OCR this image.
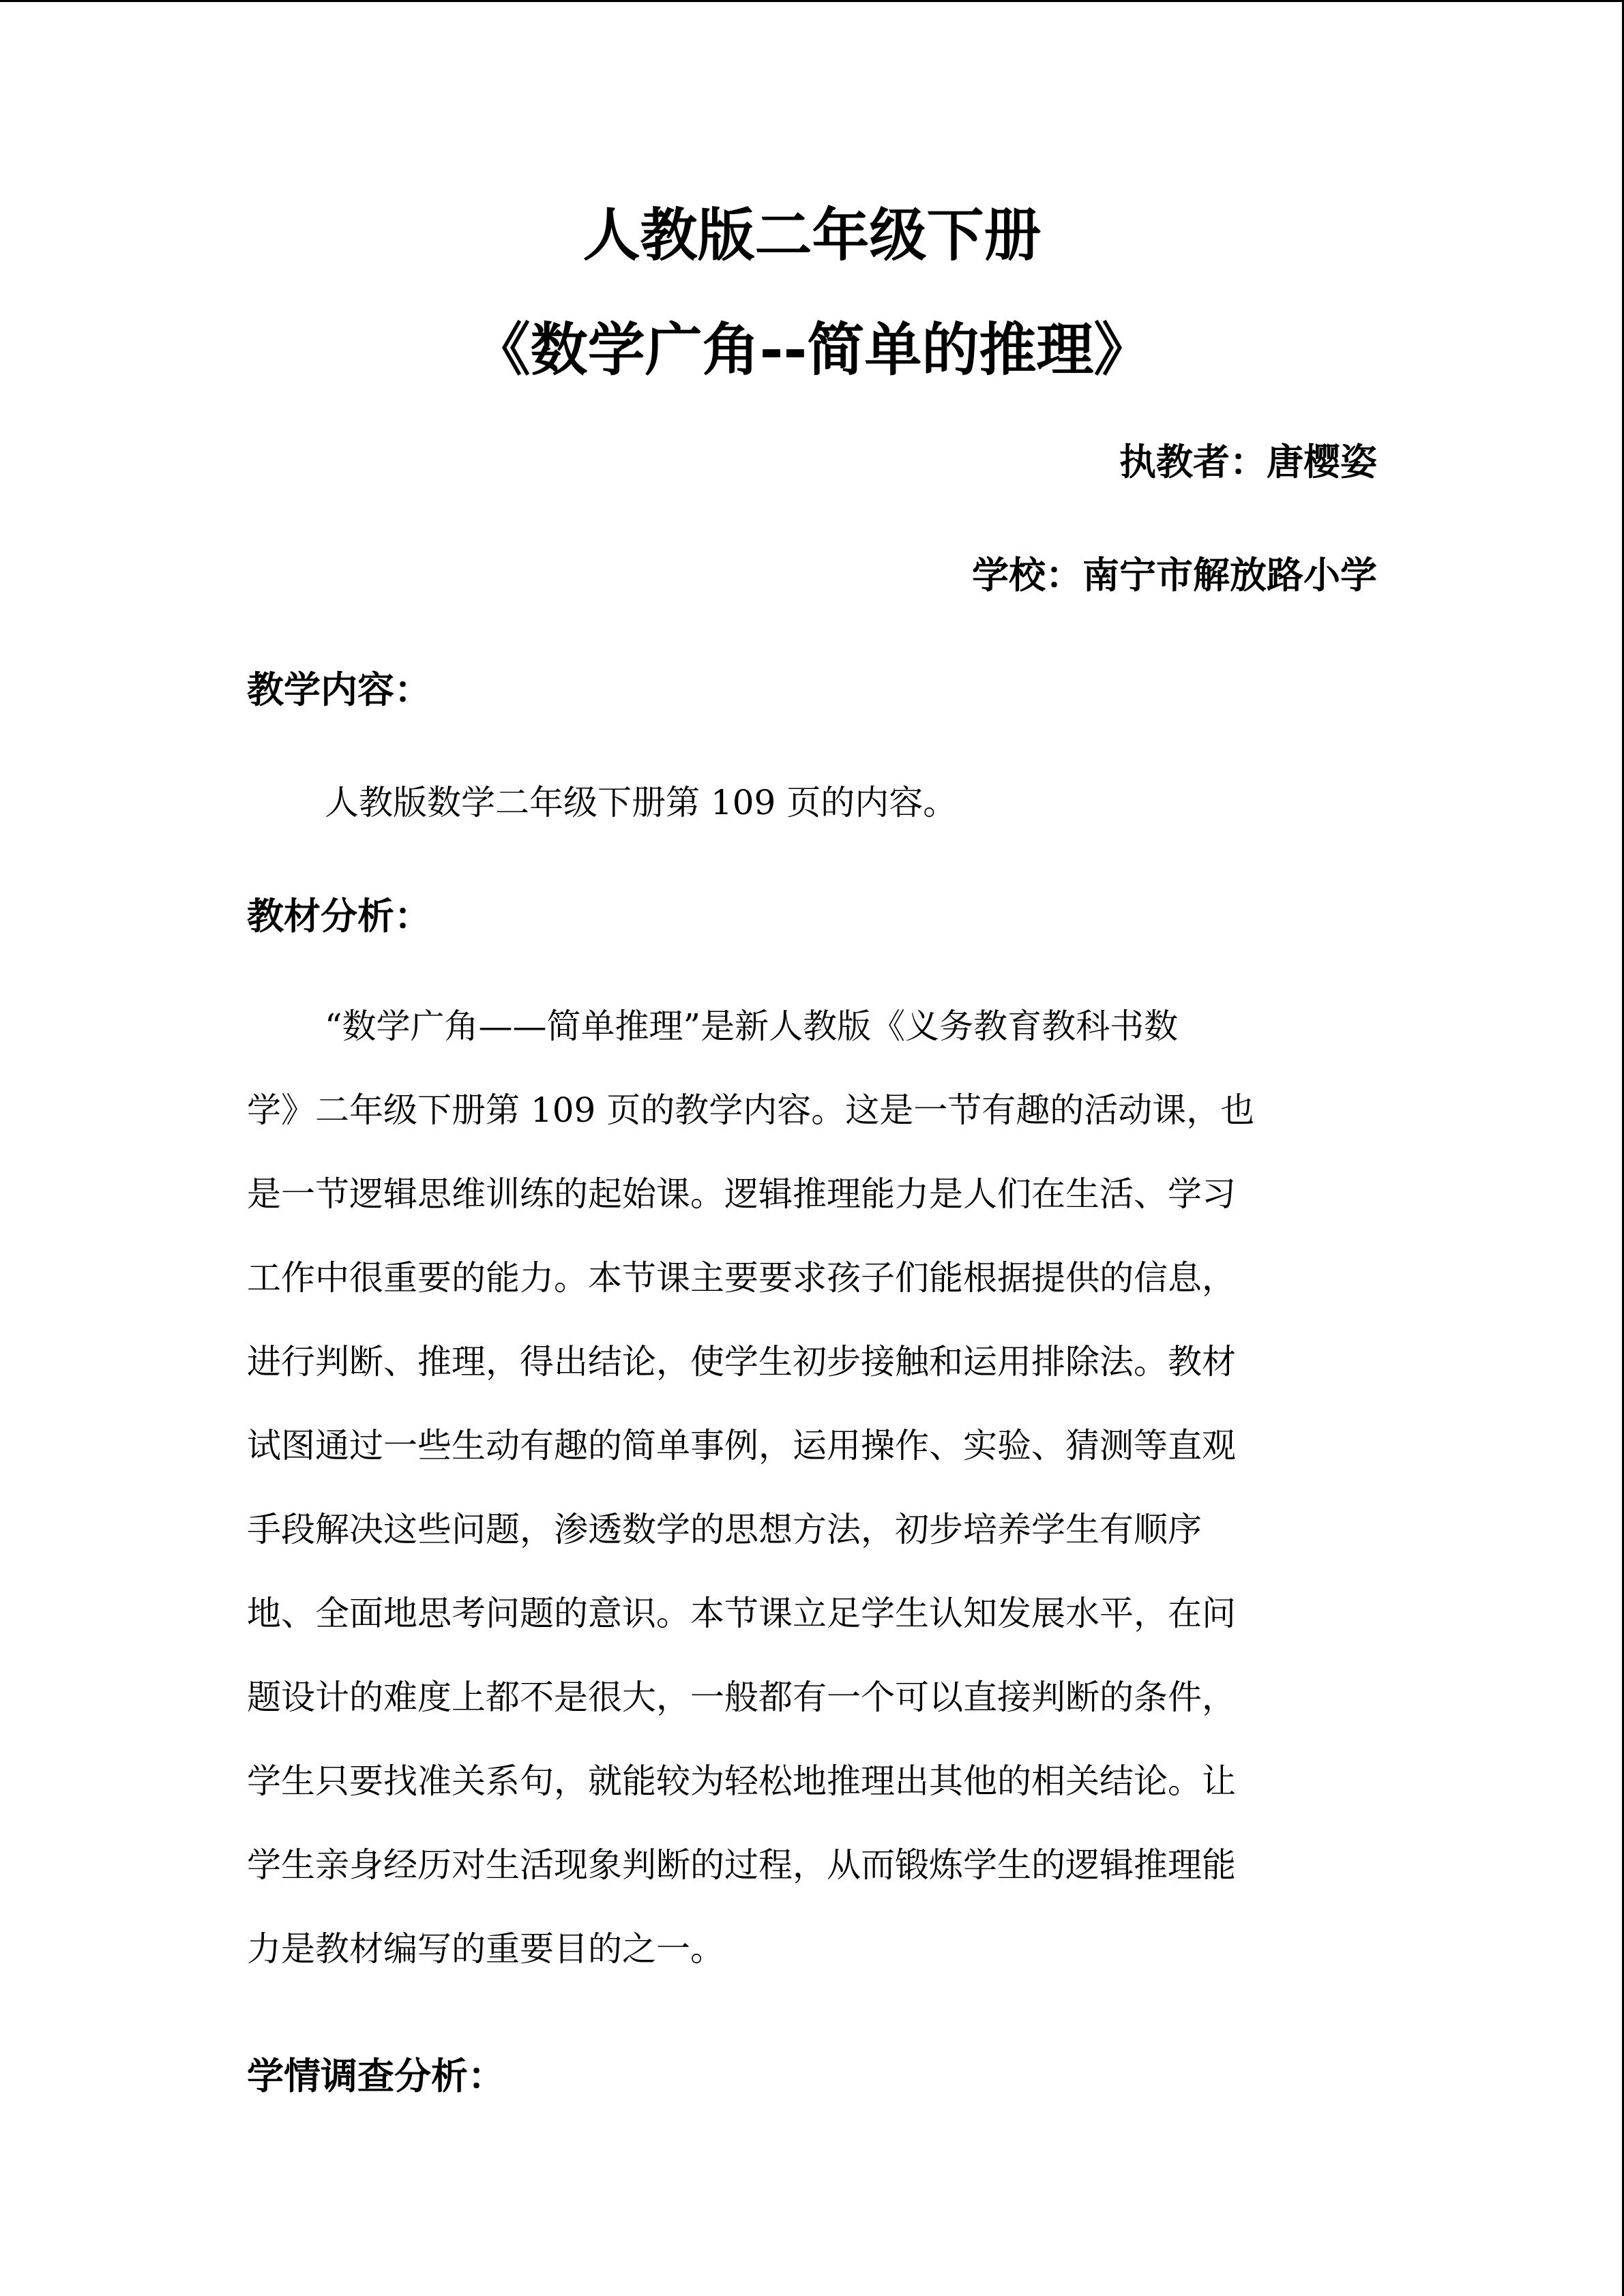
人教版二年级下册
《数学广角--简单的推理》
执教者：唐樱姿
学校：南宁市解放路小学
教学内容：
人教版数学二年级下册第 109 页的内容。
教材分析：
“数学广角——简单推理”是新人教版《义务教育教科书数
学》二年级下册第 109 页的教学内容。这是一节有趣的活动课，也
是一节逻辑思维训练的起始课。逻辑推理能力是人们在生活、学习
工作中很重要的能力。本节课主要要求孩子们能根据提供的信息，
进行判断、推理，得出结论，使学生初步接触和运用排除法。教材
试图通过一些生动有趣的简单事例，运用操作、实验、猜测等直观
手段解决这些问题，渗透数学的思想方法，初步培养学生有顺序
地、全面地思考问题的意识。本节课立足学生认知发展水平，在问
题设计的难度上都不是很大，一般都有一个可以直接判断的条件，
学生只要找准关系句，就能较为轻松地推理出其他的相关结论。让
学生亲身经历对生活现象判断的过程，从而锻炼学生的逻辑推理能
力是教材编写的重要目的之一。
学情调查分析：
